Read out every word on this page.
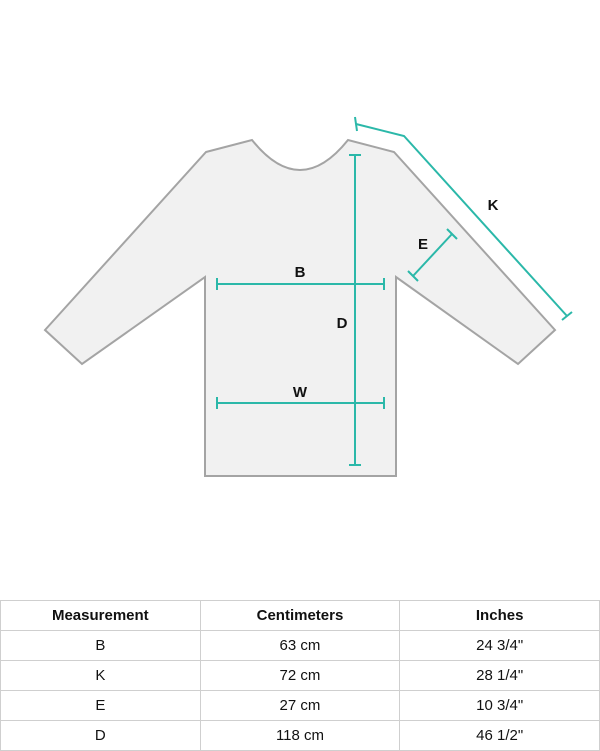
B
W
D
E
K
Measurement	Centimeters	Inches
B	63 cm	24 3/4"
K	72 cm	28 1/4"
E	27 cm	10 3/4"
D	118 cm	46 1/2"
